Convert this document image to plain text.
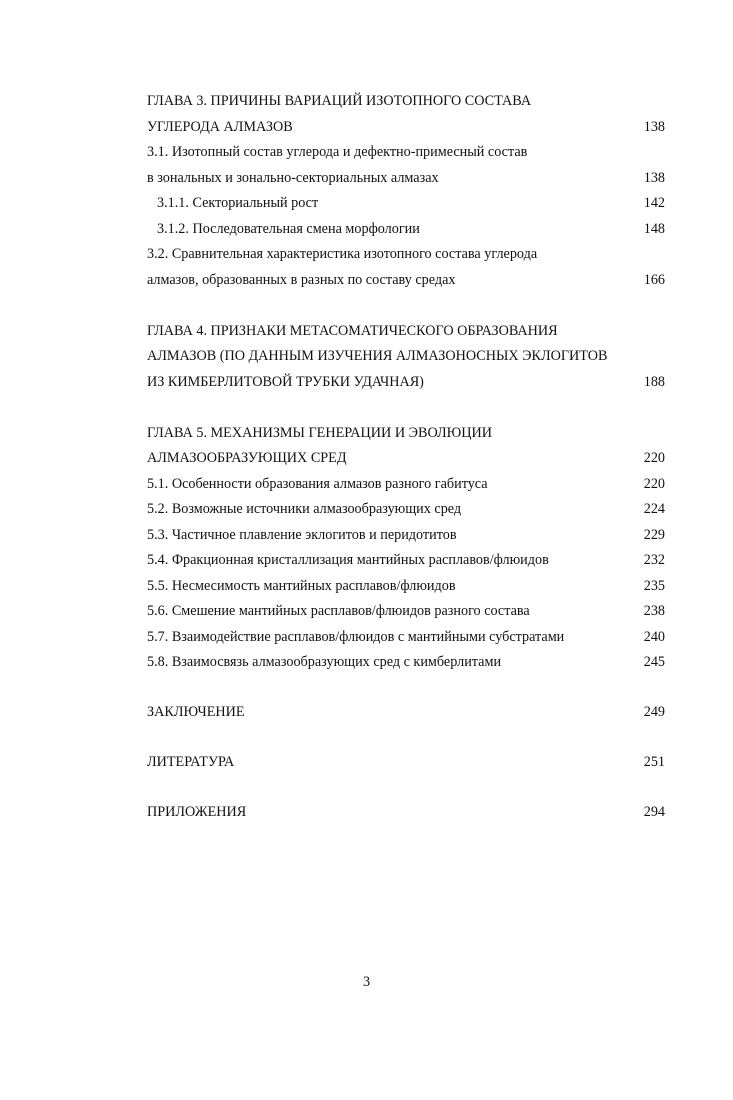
ГЛАВА 3. ПРИЧИНЫ ВАРИАЦИЙ ИЗОТОПНОГО СОСТАВА
УГЛЕРОДА АЛМАЗОВ	138
3.1. Изотопный состав углерода и дефектно-примесный состав
в зональных и зонально-секториальных алмазах	138
3.1.1. Секториальный рост	142
3.1.2. Последовательная смена морфологии	148
3.2. Сравнительная характеристика изотопного состава углерода
алмазов, образованных в разных по составу средах	166
ГЛАВА 4. ПРИЗНАКИ МЕТАСОМАТИЧЕСКОГО ОБРАЗОВАНИЯ
АЛМАЗОВ (ПО ДАННЫМ ИЗУЧЕНИЯ АЛМАЗОНОСНЫХ ЭКЛОГИТОВ
ИЗ КИМБЕРЛИТОВОЙ ТРУБКИ УДАЧНАЯ)	188
ГЛАВА 5. МЕХАНИЗМЫ ГЕНЕРАЦИИ И ЭВОЛЮЦИИ
АЛМАЗООБРАЗУЮЩИХ СРЕД	220
5.1. Особенности образования алмазов разного габитуса	220
5.2. Возможные источники алмазообразующих сред	224
5.3. Частичное плавление эклогитов и перидотитов	229
5.4. Фракционная кристаллизация мантийных расплавов/флюидов	232
5.5. Несмесимость мантийных расплавов/флюидов	235
5.6. Смешение мантийных расплавов/флюидов разного состава	238
5.7. Взаимодействие расплавов/флюидов с мантийными субстратами	240
5.8. Взаимосвязь алмазообразующих сред с кимберлитами	245
ЗАКЛЮЧЕНИЕ	249
ЛИТЕРАТУРА	251
ПРИЛОЖЕНИЯ	294
3
